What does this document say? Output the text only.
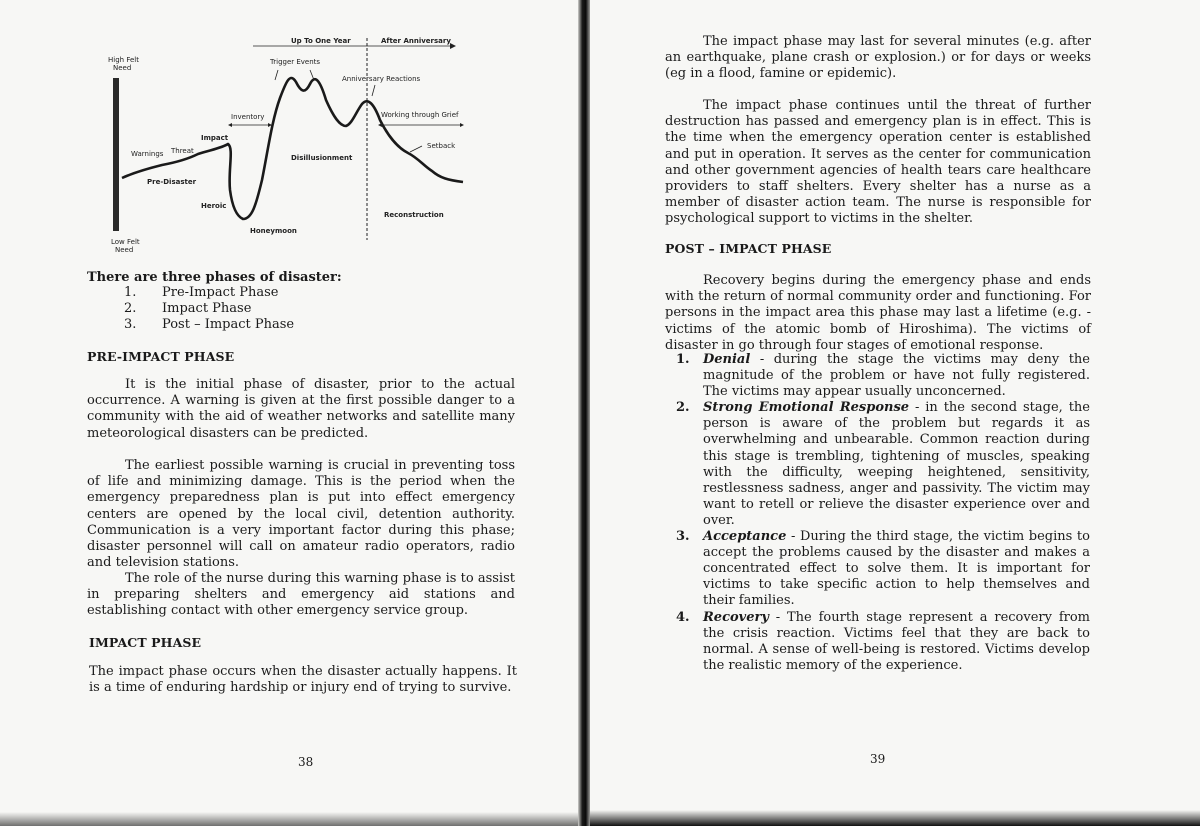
Up To One Year	After Anniversary
High Felt
Need
Low Felt
Need
Trigger Events
Anniversary Reactions
Inventory	Working through Grief
Impact
Warnings Threat
Setback
Disillusionment
Pre-Disaster
Heroic
Reconstruction
Honeymoon

There are three phases of disaster:

1.	Pre-Impact Phase
2.	Impact Phase
3.	Post – Impact Phase
PRE-IMPACT PHASE

It is the initial phase of disaster, prior to the actual occurrence. A warning is given at the first possible danger to a community with the aid of weather networks and satellite many meteorological disasters can be predicted.

The earliest possible warning is crucial in preventing toss of life and minimizing damage. This is the period when the emergency preparedness plan is put into effect emergency centers are opened by the local civil, detention authority. Communication is a very important factor during this phase; disaster personnel will call on amateur radio operators, radio and television stations.

The role of the nurse during this warning phase is to assist in preparing shelters and emergency aid stations and establishing contact with other emergency service group.

IMPACT PHASE

The impact phase occurs when the disaster actually happens. It is a time of enduring hardship or injury end of trying to survive.

38

The impact phase may last for several minutes (e.g. after an earthquake, plane crash or explosion.) or for days or weeks (eg in a flood, famine or epidemic).

The impact phase continues until the threat of further destruction has passed and emergency plan is in effect. This is the time when the emergency operation center is established and put in operation. It serves as the center for communication and other government agencies of health tears care healthcare providers to staff shelters. Every shelter has a nurse as a member of disaster action team. The nurse is responsible for psychological support to victims in the shelter.

POST – IMPACT PHASE

Recovery begins during the emergency phase and ends with the return of normal community order and functioning. For persons in the impact area this phase may last a lifetime (e.g. - victims of the atomic bomb of Hiroshima). The victims of disaster in go through four stages of emotional response.

39
1.	Denial - during the stage the victims may deny the magnitude of the problem or have not fully registered. The victims may appear usually unconcerned.
2.	Strong Emotional Response - in the second stage, the person is aware of the problem but regards it as overwhelming and unbearable. Common reaction during this stage is trembling, tightening of muscles, speaking with the difficulty, weeping heightened, sensitivity, restlessness sadness, anger and passivity. The victim may want to retell or relieve the disaster experience over and over.
3.	Acceptance - During the third stage, the victim begins to accept the problems caused by the disaster and makes a concentrated effect to solve them. It is important for victims to take specific action to help themselves and their families.
4.	Recovery - The fourth stage represent a recovery from the crisis reaction. Victims feel that they are back to normal. A sense of well-being is restored. Victims develop the realistic memory of the experience.
